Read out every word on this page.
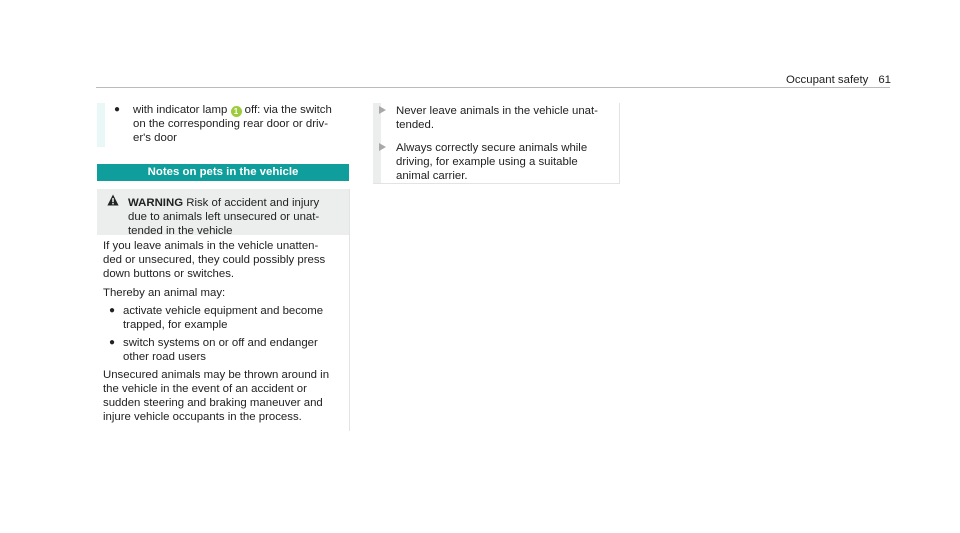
Occupant safety 61
● with indicator lamp 1 off: via the switch
on the corresponding rear door or driv-
er's door
Notes on pets in the vehicle
WARNING Risk of accident and injury
due to animals left unsecured or unat-
tended in the vehicle

If you leave animals in the vehicle unatten-
ded or unsecured, they could possibly press
down buttons or switches.

Thereby an animal may:

● activate vehicle equipment and become
trapped, for example
● switch systems on or off and endanger
other road users

Unsecured animals may be thrown around in
the vehicle in the event of an accident or
sudden steering and braking maneuver and
injure vehicle occupants in the process.

Never leave animals in the vehicle unat-
tended.
Always correctly secure animals while
driving, for example using a suitable
animal carrier.
